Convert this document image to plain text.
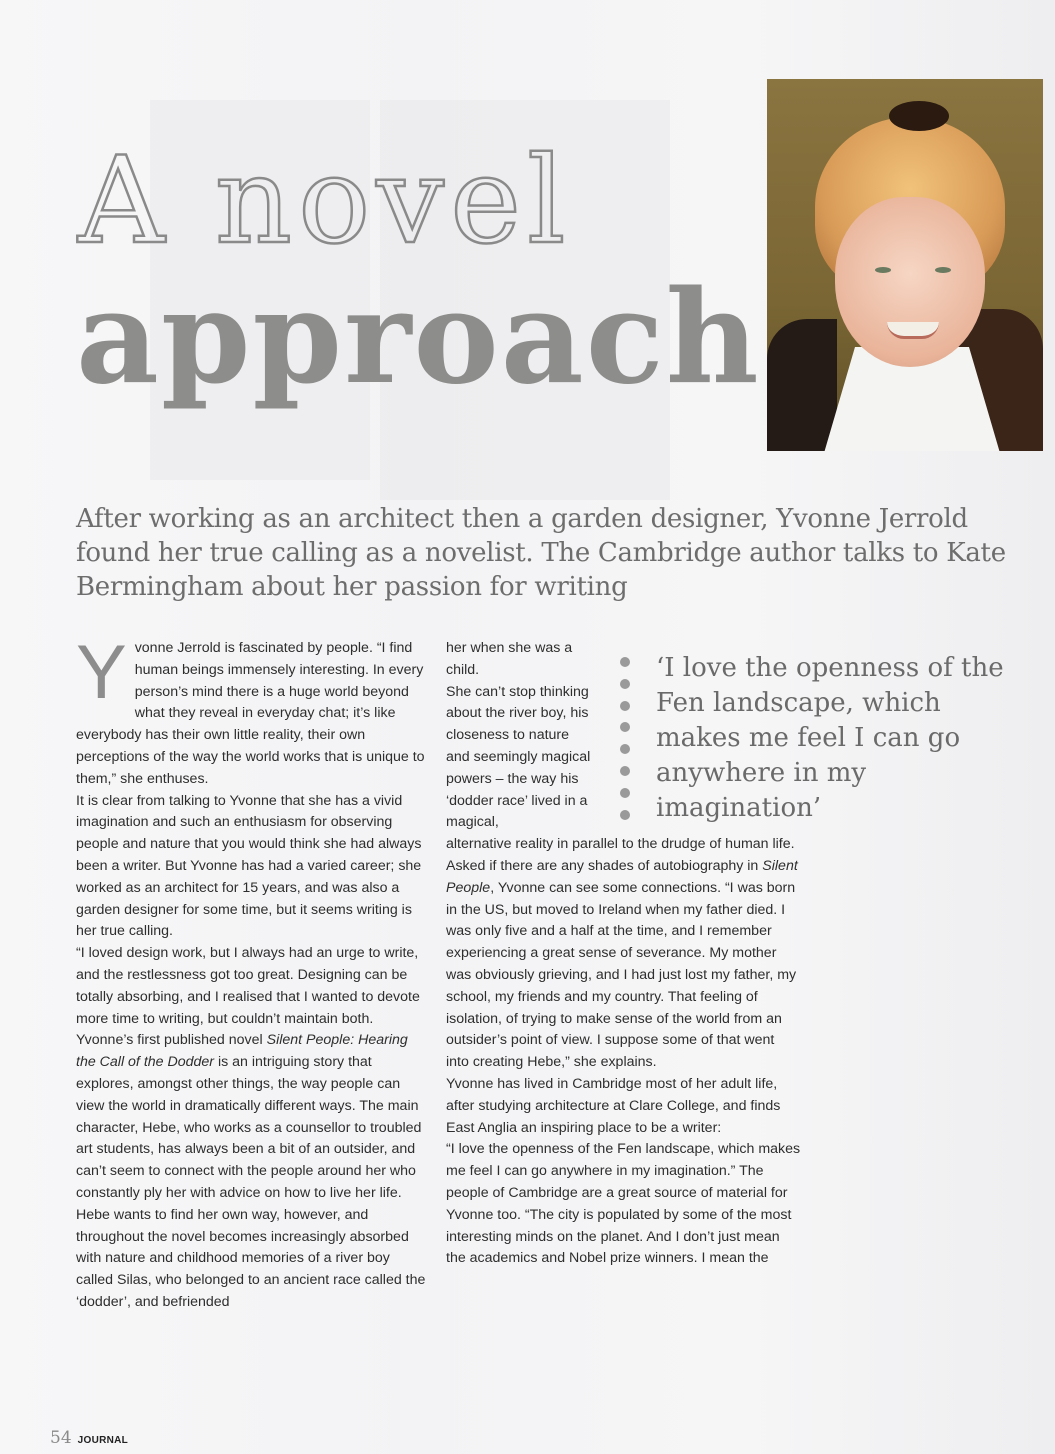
A novel
approach

After working as an architect then a garden designer, Yvonne Jerrold found her true calling as a novelist. The Cambridge author talks to Kate Bermingham about her passion for writing

Yvonne Jerrold is fascinated by people. “I find human beings immensely interesting. In every person’s mind there is a huge world beyond what they reveal in everyday chat; it’s like everybody has their own little reality, their own perceptions of the way the world works that is unique to them,” she enthuses.

It is clear from talking to Yvonne that she has a vivid imagination and such an enthusiasm for observing people and nature that you would think she had always been a writer. But Yvonne has had a varied career; she worked as an architect for 15 years, and was also a garden designer for some time, but it seems writing is her true calling.

“I loved design work, but I always had an urge to write, and the restlessness got too great. Designing can be totally absorbing, and I realised that I wanted to devote more time to writing, but couldn’t maintain both.

Yvonne’s first published novel Silent People: Hearing the Call of the Dodder is an intriguing story that explores, amongst other things, the way people can view the world in dramatically different ways. The main character, Hebe, who works as a counsellor to troubled art students, has always been a bit of an outsider, and can’t seem to connect with the people around her who constantly ply her with advice on how to live her life. Hebe wants to find her own way, however, and throughout the novel becomes increasingly absorbed with nature and childhood memories of a river boy called Silas, who belonged to an ancient race called the ‘dodder’, and befriended

her when she was a child.

She can’t stop thinking about the river boy, his closeness to nature and seemingly magical powers – the way his ‘dodder race’ lived in a magical,

alternative reality in parallel to the drudge of human life.

Asked if there are any shades of autobiography in Silent People, Yvonne can see some connections. “I was born in the US, but moved to Ireland when my father died. I was only five and a half at the time, and I remember experiencing a great sense of severance. My mother was obviously grieving, and I had just lost my father, my school, my friends and my country. That feeling of isolation, of trying to make sense of the world from an outsider’s point of view. I suppose some of that went into creating Hebe,” she explains.

Yvonne has lived in Cambridge most of her adult life, after studying architecture at Clare College, and finds East Anglia an inspiring place to be a writer:

“I love the openness of the Fen landscape, which makes me feel I can go anywhere in my imagination.” The people of Cambridge are a great source of material for Yvonne too. “The city is populated by some of the most interesting minds on the planet. And I don’t just mean the academics and Nobel prize winners. I mean the

‘I love the openness of the Fen landscape, which makes me feel I can go anywhere in my imagination’
54 JOURNAL
